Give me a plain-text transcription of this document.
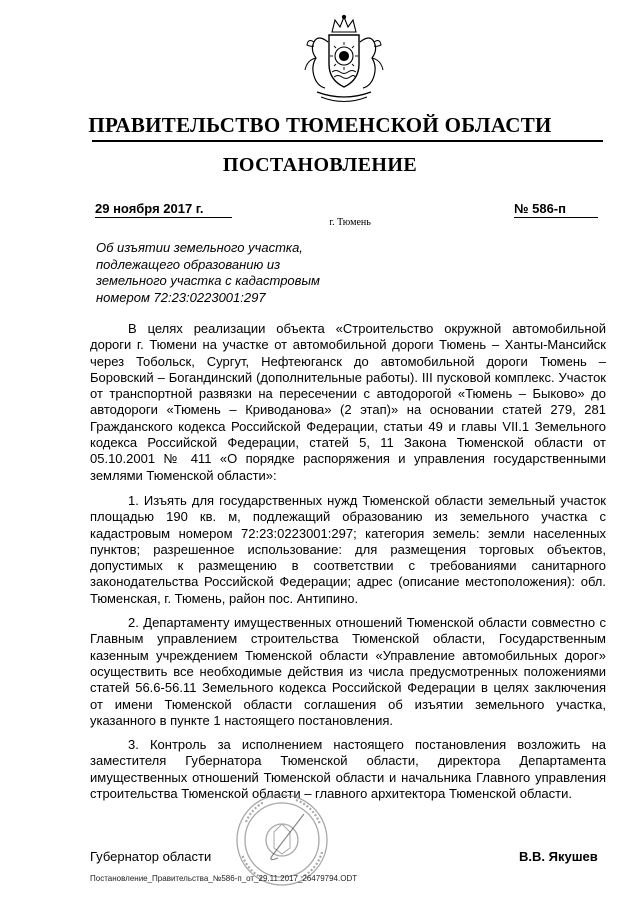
ПРАВИТЕЛЬСТВО ТЮМЕНСКОЙ ОБЛАСТИ
ПОСТАНОВЛЕНИЕ
29 ноября 2017 г.	№ 586-п
г. Тюмень
Об изъятии земельного участка,
подлежащего образованию из
земельного участка с кадастровым
номером 72:23:0223001:297

В целях реализации объекта «Строительство окружной автомобильной дороги г. Тюмени на участке от автомобильной дороги Тюмень – Ханты-Мансийск через Тобольск, Сургут, Нефтеюганск до автомобильной дороги Тюмень – Боровский – Богандинский (дополнительные работы). III пусковой комплекс. Участок от транспортной развязки на пересечении с автодорогой «Тюмень – Быково» до автодороги «Тюмень – Криводанова» (2 этап)» на основании статей 279, 281 Гражданского кодекса Российской Федерации, статьи 49 и главы VII.1 Земельного кодекса Российской Федерации, статей 5, 11 Закона Тюменской области от 05.10.2001 № 411 «О порядке распоряжения и управления государственными землями Тюменской области»:

1. Изъять для государственных нужд Тюменской области земельный участок площадью 190 кв. м, подлежащий образованию из земельного участка с кадастровым номером 72:23:0223001:297; категория земель: земли населенных пунктов; разрешенное использование: для размещения торговых объектов, допустимых к размещению в соответствии с требованиями санитарного законодательства Российской Федерации; адрес (описание местоположения): обл. Тюменская, г. Тюмень, район пос. Антипино.

2. Департаменту имущественных отношений Тюменской области совместно с Главным управлением строительства Тюменской области, Государственным казенным учреждением Тюменской области «Управление автомобильных дорог» осуществить все необходимые действия из числа предусмотренных положениями статей 56.6-56.11 Земельного кодекса Российской Федерации в целях заключения от имени Тюменской области соглашения об изъятии земельного участка, указанного в пункте 1 настоящего постановления.

3. Контроль за исполнением настоящего постановления возложить на заместителя Губернатора Тюменской области, директора Департамента имущественных отношений Тюменской области и начальника Главного управления строительства Тюменской области – главного архитектора Тюменской области.

Губернатор области	В.В. Якушев
Постановление_Правительства_№586-п_от_29.11.2017_26479794.ODT
